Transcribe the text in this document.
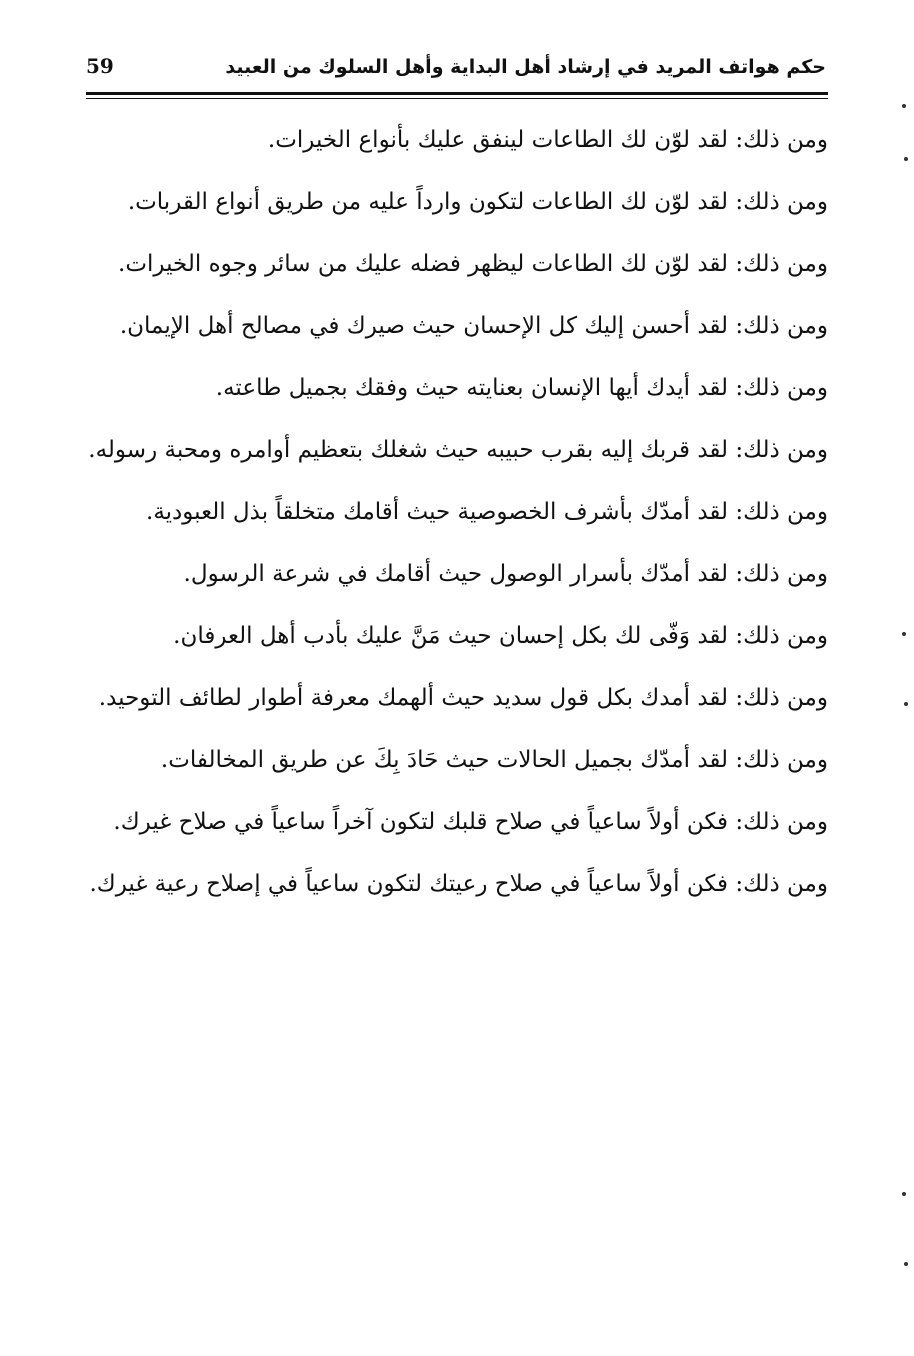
حكم هواتف المريد في إرشاد أهل البداية وأهل السلوك من العبيد
59

ومن ذلك: لقد لوّن لك الطاعات لينفق عليك بأنواع الخيرات.

ومن ذلك: لقد لوّن لك الطاعات لتكون وارداً عليه من طريق أنواع القربات.

ومن ذلك: لقد لوّن لك الطاعات ليظهر فضله عليك من سائر وجوه الخيرات.

ومن ذلك: لقد أحسن إليك كل الإحسان حيث صيرك في مصالح أهل الإيمان.

ومن ذلك: لقد أيدك أيها الإنسان بعنايته حيث وفقك بجميل طاعته.

ومن ذلك: لقد قربك إليه بقرب حبيبه حيث شغلك بتعظيم أوامره ومحبة رسوله.

ومن ذلك: لقد أمدّك بأشرف الخصوصية حيث أقامك متخلقاً بذل العبودية.

ومن ذلك: لقد أمدّك بأسرار الوصول حيث أقامك في شرعة الرسول.

ومن ذلك: لقد وَفّى لك بكل إحسان حيث مَنَّ عليك بأدب أهل العرفان.

ومن ذلك: لقد أمدك بكل قول سديد حيث ألهمك معرفة أطوار لطائف التوحيد.

ومن ذلك: لقد أمدّك بجميل الحالات حيث حَادَ بِكَ عن طريق المخالفات.

ومن ذلك: فكن أولاً ساعياً في صلاح قلبك لتكون آخراً ساعياً في صلاح غيرك.

ومن ذلك: فكن أولاً ساعياً في صلاح رعيتك لتكون ساعياً في إصلاح رعية غيرك.
